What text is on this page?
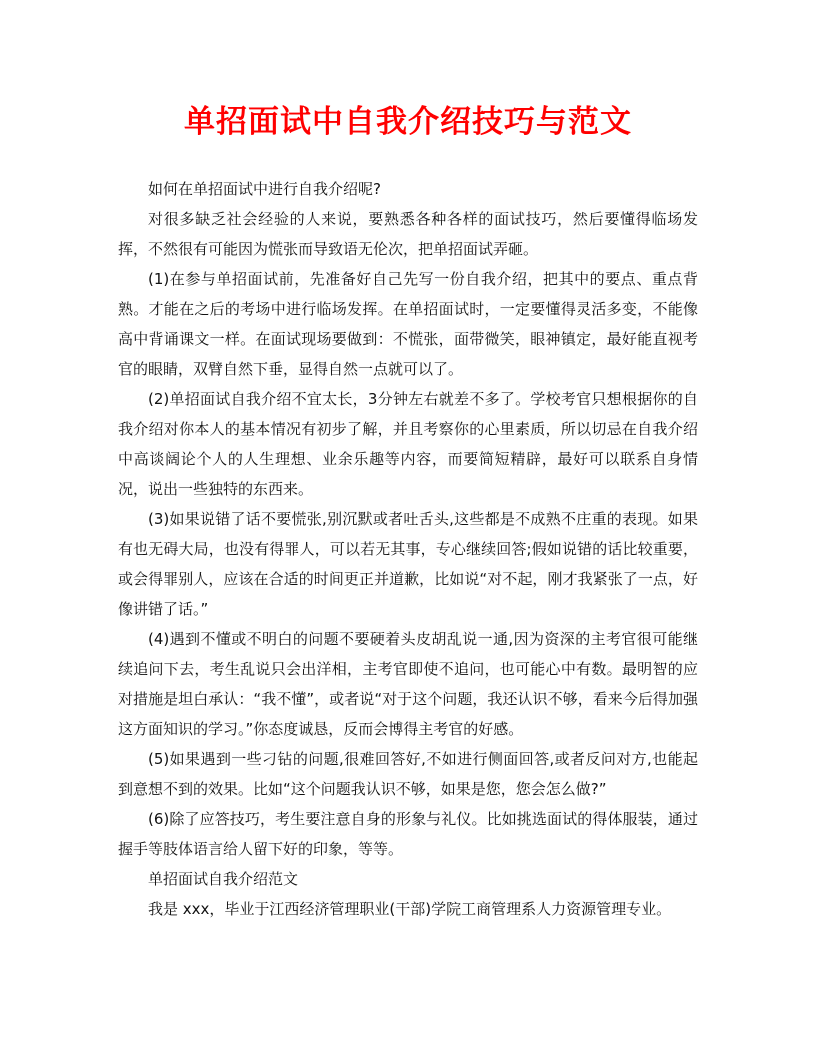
单招面试中自我介绍技巧与范文

如何在单招面试中进行自我介绍呢?

对很多缺乏社会经验的人来说，要熟悉各种各样的面试技巧，然后要懂得临场发挥，不然很有可能因为慌张而导致语无伦次，把单招面试弄砸。

(1)在参与单招面试前，先准备好自己先写一份自我介绍，把其中的要点、重点背熟。才能在之后的考场中进行临场发挥。在单招面试时，一定要懂得灵活多变，不能像高中背诵课文一样。在面试现场要做到：不慌张，面带微笑，眼神镇定，最好能直视考官的眼睛，双臂自然下垂，显得自然一点就可以了。

(2)单招面试自我介绍不宜太长，3分钟左右就差不多了。学校考官只想根据你的自我介绍对你本人的基本情况有初步了解，并且考察你的心里素质，所以切忌在自我介绍中高谈阔论个人的人生理想、业余乐趣等内容，而要简短精辟，最好可以联系自身情况，说出一些独特的东西来。

(3)如果说错了话不要慌张,别沉默或者吐舌头,这些都是不成熟不庄重的表现。如果有也无碍大局，也没有得罪人，可以若无其事，专心继续回答;假如说错的话比较重要，或会得罪别人，应该在合适的时间更正并道歉，比如说“对不起，刚才我紧张了一点，好像讲错了话。”

(4)遇到不懂或不明白的问题不要硬着头皮胡乱说一通,因为资深的主考官很可能继续追问下去，考生乱说只会出洋相，主考官即使不追问，也可能心中有数。最明智的应对措施是坦白承认：“我不懂”，或者说“对于这个问题，我还认识不够，看来今后得加强这方面知识的学习。”你态度诚恳，反而会博得主考官的好感。

(5)如果遇到一些刁钻的问题,很难回答好,不如进行侧面回答,或者反问对方,也能起到意想不到的效果。比如“这个问题我认识不够，如果是您，您会怎么做?”

(6)除了应答技巧，考生要注意自身的形象与礼仪。比如挑选面试的得体服装，通过握手等肢体语言给人留下好的印象，等等。

单招面试自我介绍范文

我是 xxx，毕业于江西经济管理职业(干部)学院工商管理系人力资源管理专业。
